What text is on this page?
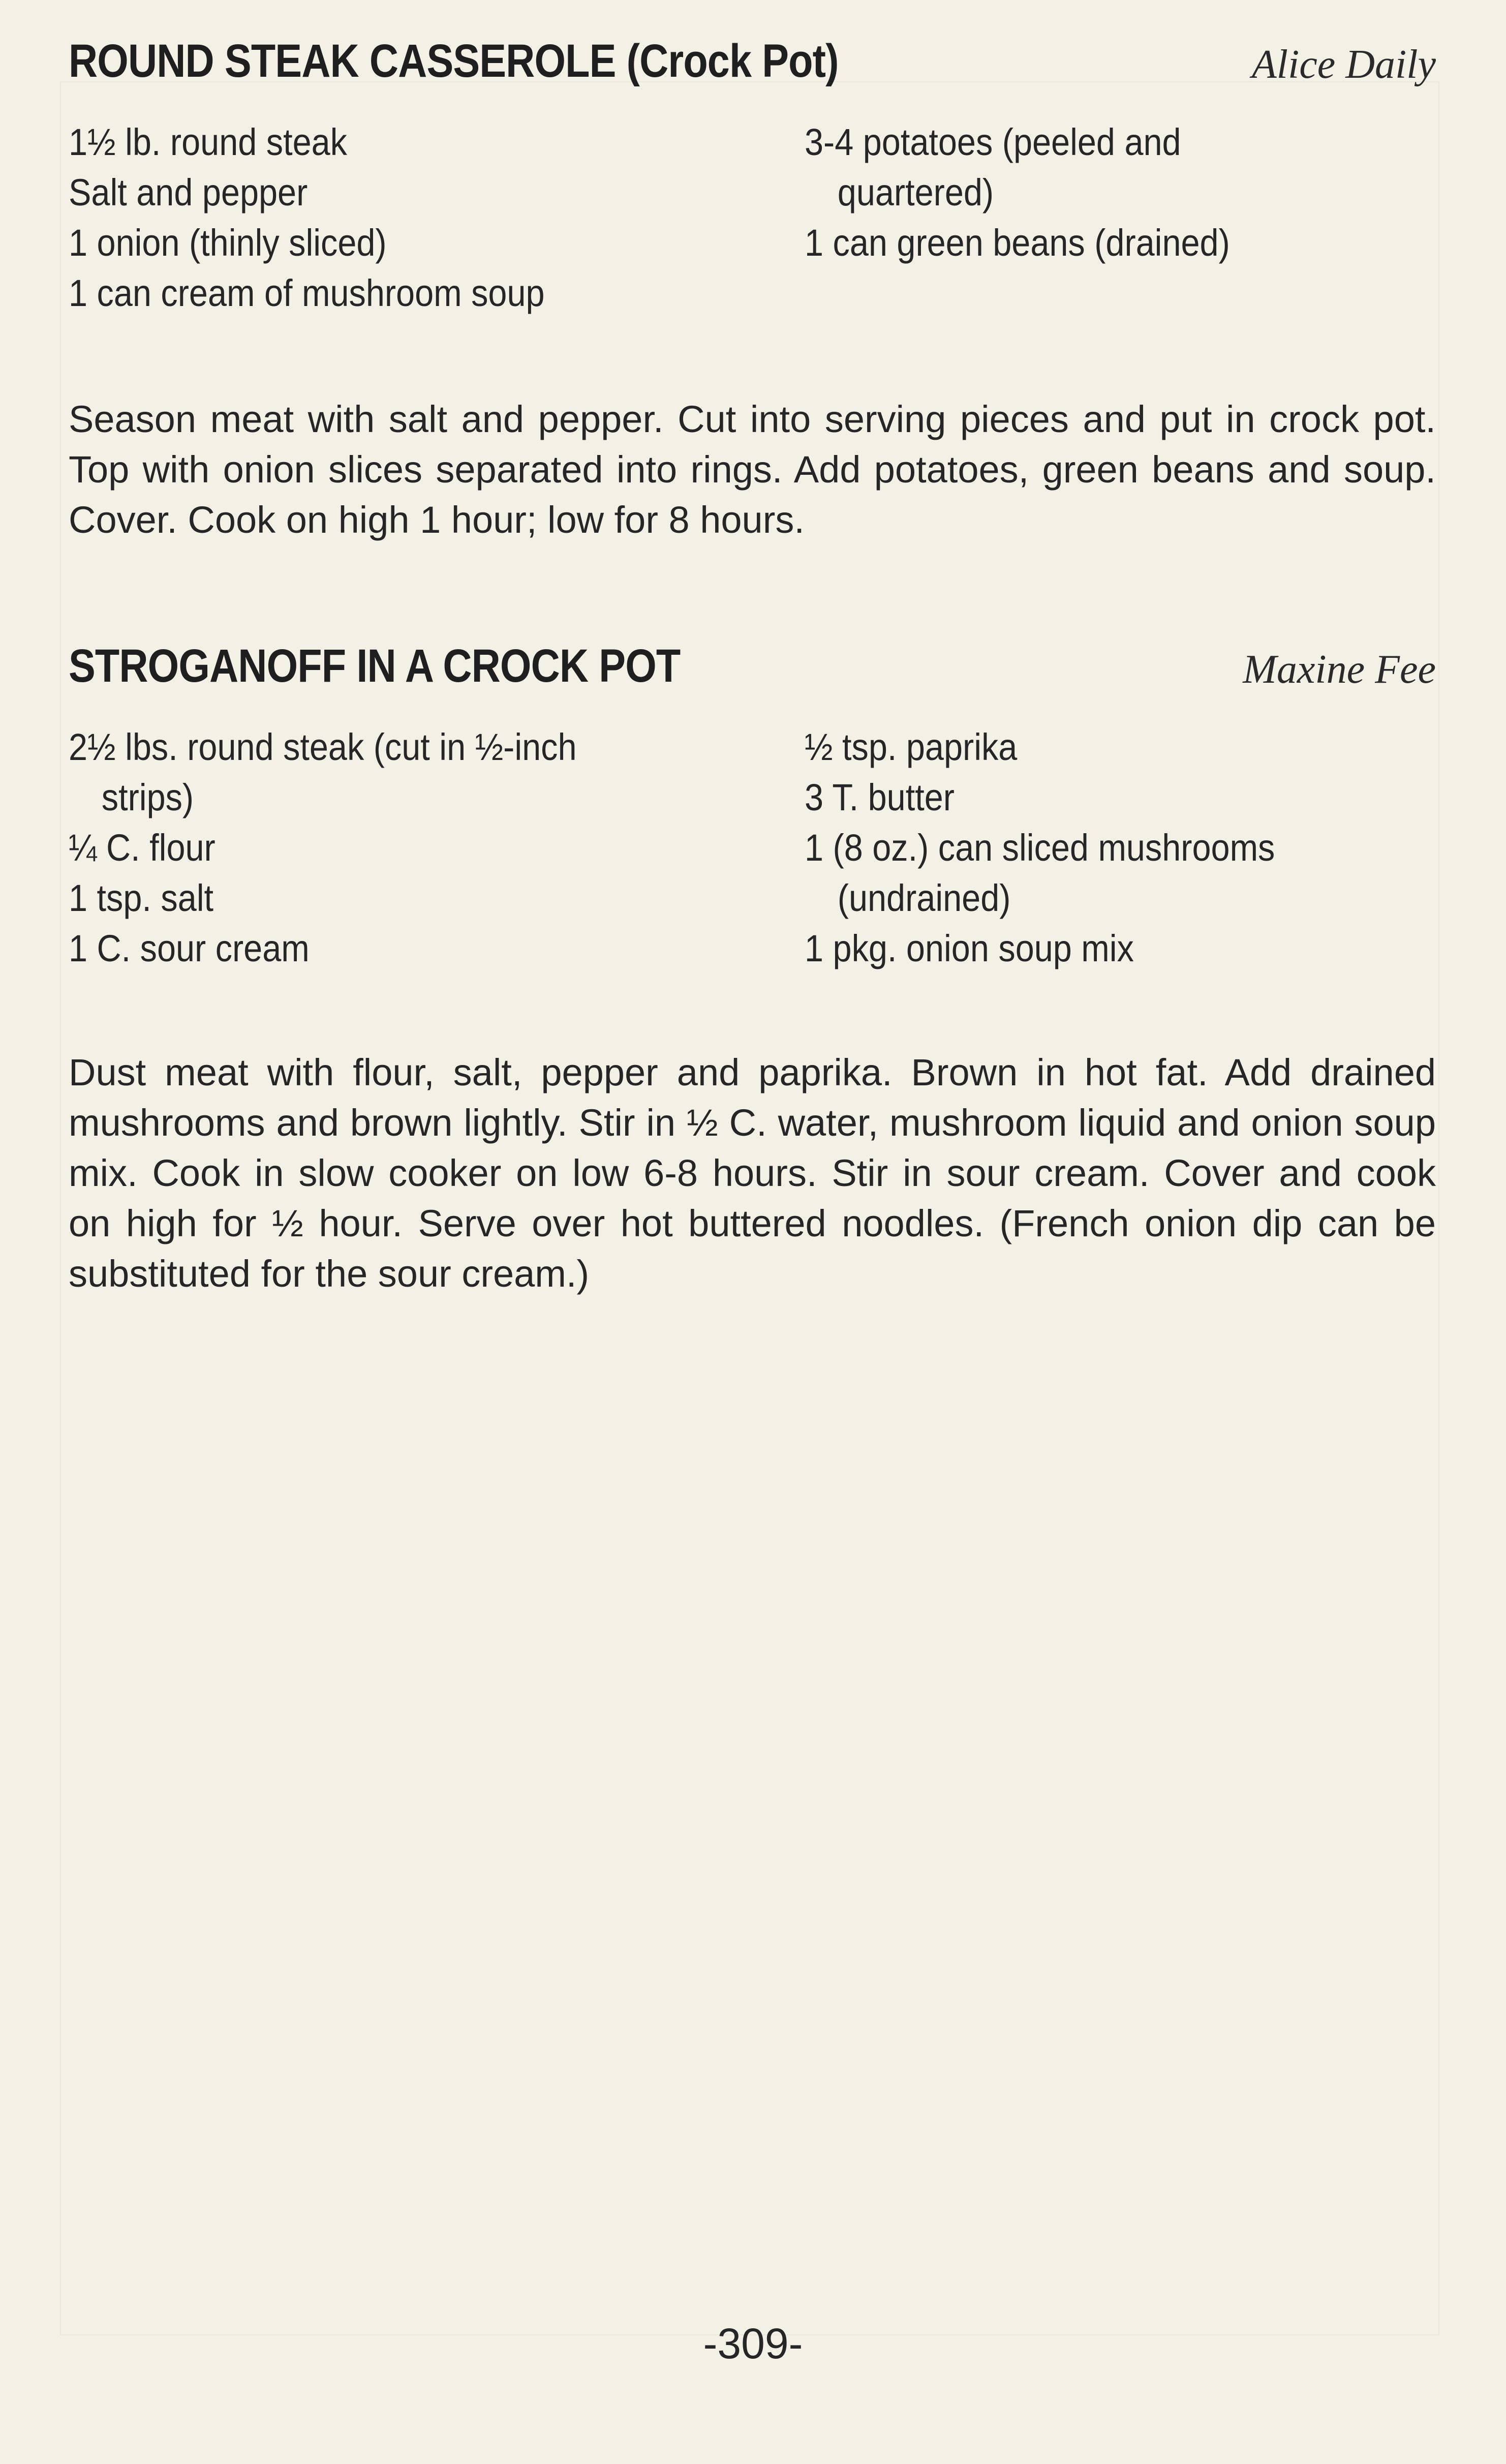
ROUND STEAK CASSEROLE (Crock Pot)	Alice Daily
1½ lb. round steak
Salt and pepper
1 onion (thinly sliced)
1 can cream of mushroom soup
3-4 potatoes (peeled and
quartered)
1 can green beans (drained)
Season meat with salt and pepper. Cut into serving pieces and put in crock pot.
Top with onion slices separated into rings. Add potatoes, green beans and soup.
Cover. Cook on high 1 hour; low for 8 hours.
STROGANOFF IN A CROCK POT	Maxine Fee
2½ lbs. round steak (cut in ½-inch
strips)
¼ C. flour
1 tsp. salt
1 C. sour cream
½ tsp. paprika
3 T. butter
1 (8 oz.) can sliced mushrooms
(undrained)
1 pkg. onion soup mix
Dust meat with flour, salt, pepper and paprika. Brown in hot fat. Add drained
mushrooms and brown lightly. Stir in ½ C. water, mushroom liquid and onion soup
mix. Cook in slow cooker on low 6-8 hours. Stir in sour cream. Cover and cook
on high for ½ hour. Serve over hot buttered noodles. (French onion dip can be
substituted for the sour cream.)
-309-
